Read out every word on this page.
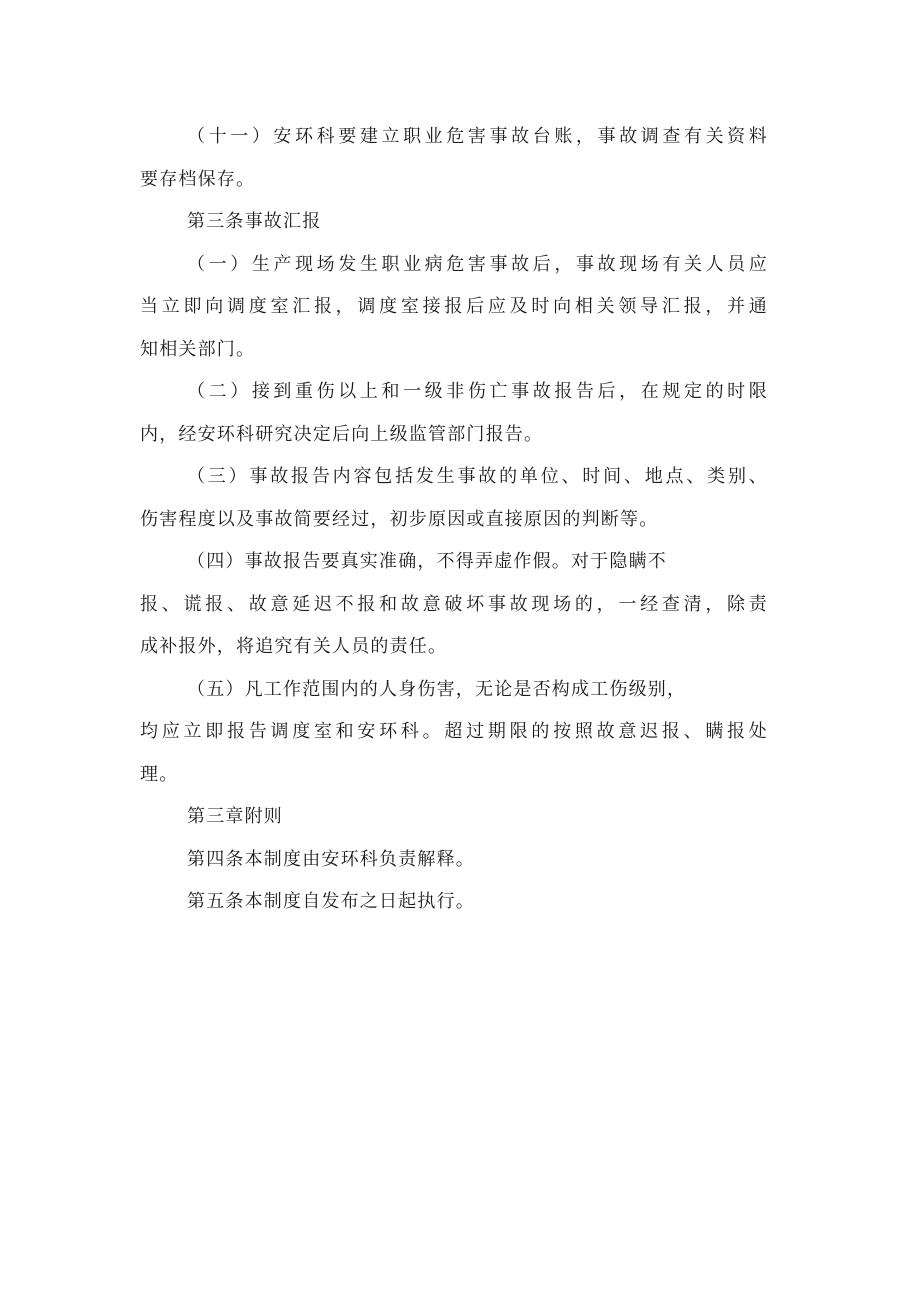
（十一）安环科要建立职业危害事故台账，事故调查有关资料
要存档保存。
第三条事故汇报
（一）生产现场发生职业病危害事故后，事故现场有关人员应
当立即向调度室汇报，调度室接报后应及时向相关领导汇报，并通
知相关部门。
（二）接到重伤以上和一级非伤亡事故报告后，在规定的时限
内，经安环科研究决定后向上级监管部门报告。
（三）事故报告内容包括发生事故的单位、时间、地点、类别、
伤害程度以及事故简要经过，初步原因或直接原因的判断等。
（四）事故报告要真实准确，不得弄虚作假。对于隐瞒不
报、谎报、故意延迟不报和故意破坏事故现场的，一经查清，除责
成补报外，将追究有关人员的责任。
（五）凡工作范围内的人身伤害，无论是否构成工伤级别，
均应立即报告调度室和安环科。超过期限的按照故意迟报、瞒报处
理。
第三章附则
第四条本制度由安环科负责解释。
第五条本制度自发布之日起执行。
